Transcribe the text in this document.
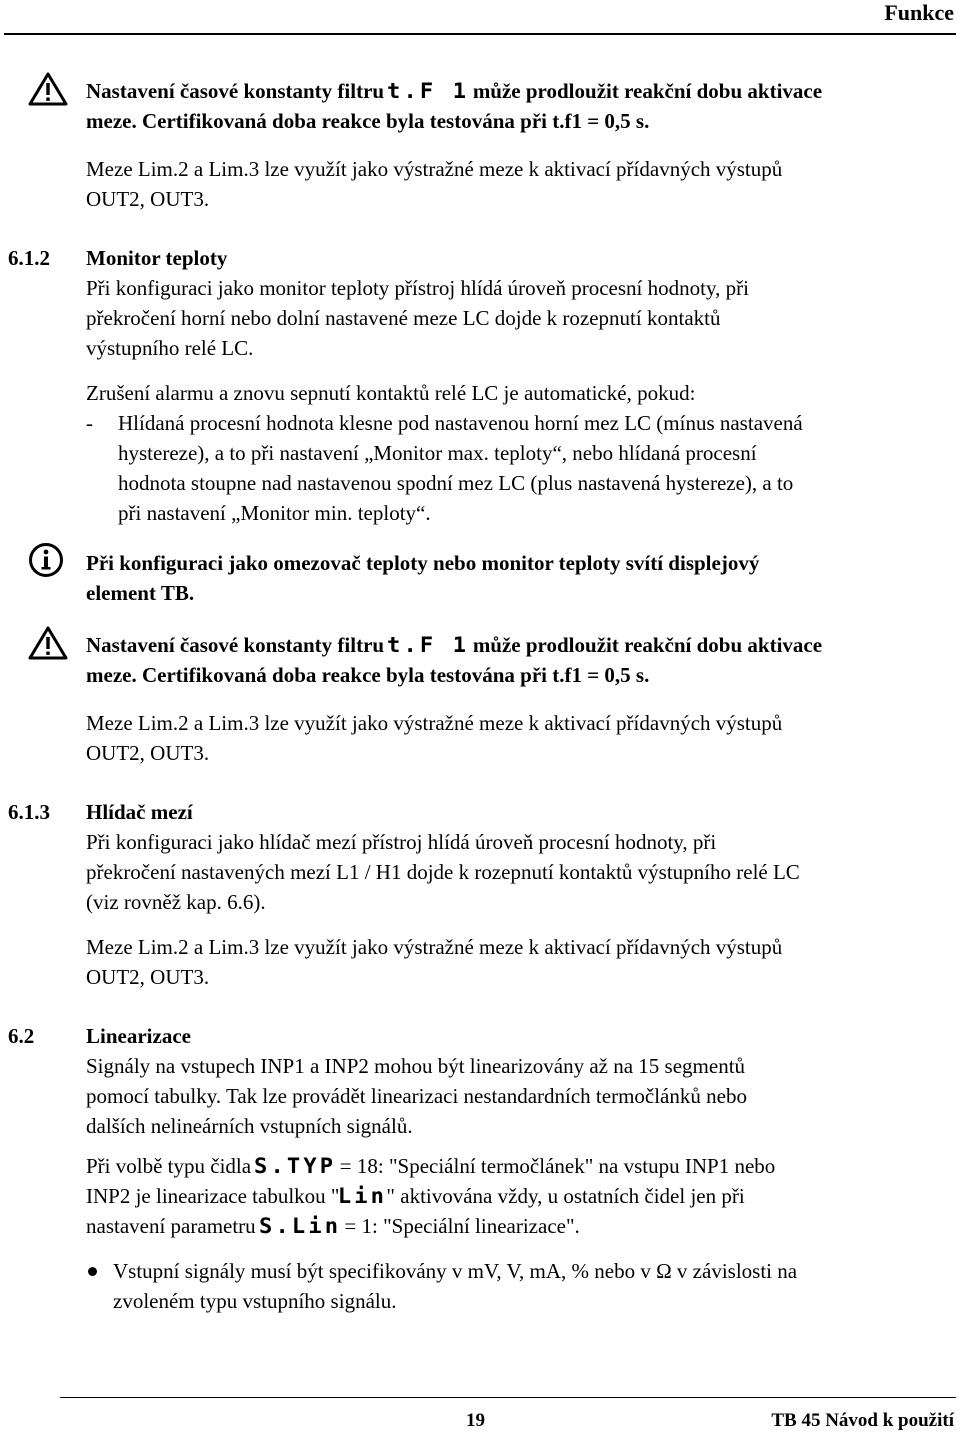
Funkce
Nastavení časové konstanty filtru t.F 1 může prodloužit reakční dobu aktivace
meze. Certifikovaná doba reakce byla testována při t.f1 = 0,5 s.
Meze Lim.2 a Lim.3 lze využít jako výstražné meze k aktivací přídavných výstupů
OUT2, OUT3.
6.1.2 Monitor teploty
Při konfiguraci jako monitor teploty přístroj hlídá úroveň procesní hodnoty, při
překročení horní nebo dolní nastavené meze LC dojde k rozepnutí kontaktů
výstupního relé LC.
Zrušení alarmu a znovu sepnutí kontaktů relé LC je automatické, pokud:
- Hlídaná procesní hodnota klesne pod nastavenou horní mez LC (mínus nastavená
hystereze), a to při nastavení „Monitor max. teploty“, nebo hlídaná procesní
hodnota stoupne nad nastavenou spodní mez LC (plus nastavená hystereze), a to
při nastavení „Monitor min. teploty“.
Při konfiguraci jako omezovač teploty nebo monitor teploty svítí displejový
element TB.
Nastavení časové konstanty filtru t.F 1 může prodloužit reakční dobu aktivace
meze. Certifikovaná doba reakce byla testována při t.f1 = 0,5 s.
Meze Lim.2 a Lim.3 lze využít jako výstražné meze k aktivací přídavných výstupů
OUT2, OUT3.
6.1.3 Hlídač mezí
Při konfiguraci jako hlídač mezí přístroj hlídá úroveň procesní hodnoty, při
překročení nastavených mezí L1 / H1 dojde k rozepnutí kontaktů výstupního relé LC
(viz rovněž kap. 6.6).
Meze Lim.2 a Lim.3 lze využít jako výstražné meze k aktivací přídavných výstupů
OUT2, OUT3.
6.2 Linearizace
Signály na vstupech INP1 a INP2 mohou být linearizovány až na 15 segmentů
pomocí tabulky. Tak lze provádět linearizaci nestandardních termočlánků nebo
dalších nelineárních vstupních signálů.
Při volbě typu čidla S.TYP = 18: "Speciální termočlánek" na vstupu INP1 nebo
INP2 je linearizace tabulkou "Lin" aktivována vždy, u ostatních čidel jen při
nastavení parametru S.Lin = 1: "Speciální linearizace".
Vstupní signály musí být specifikovány v mV, V, mA, % nebo v Ω v závislosti na
zvoleném typu vstupního signálu.
19	TB 45 Návod k použití
